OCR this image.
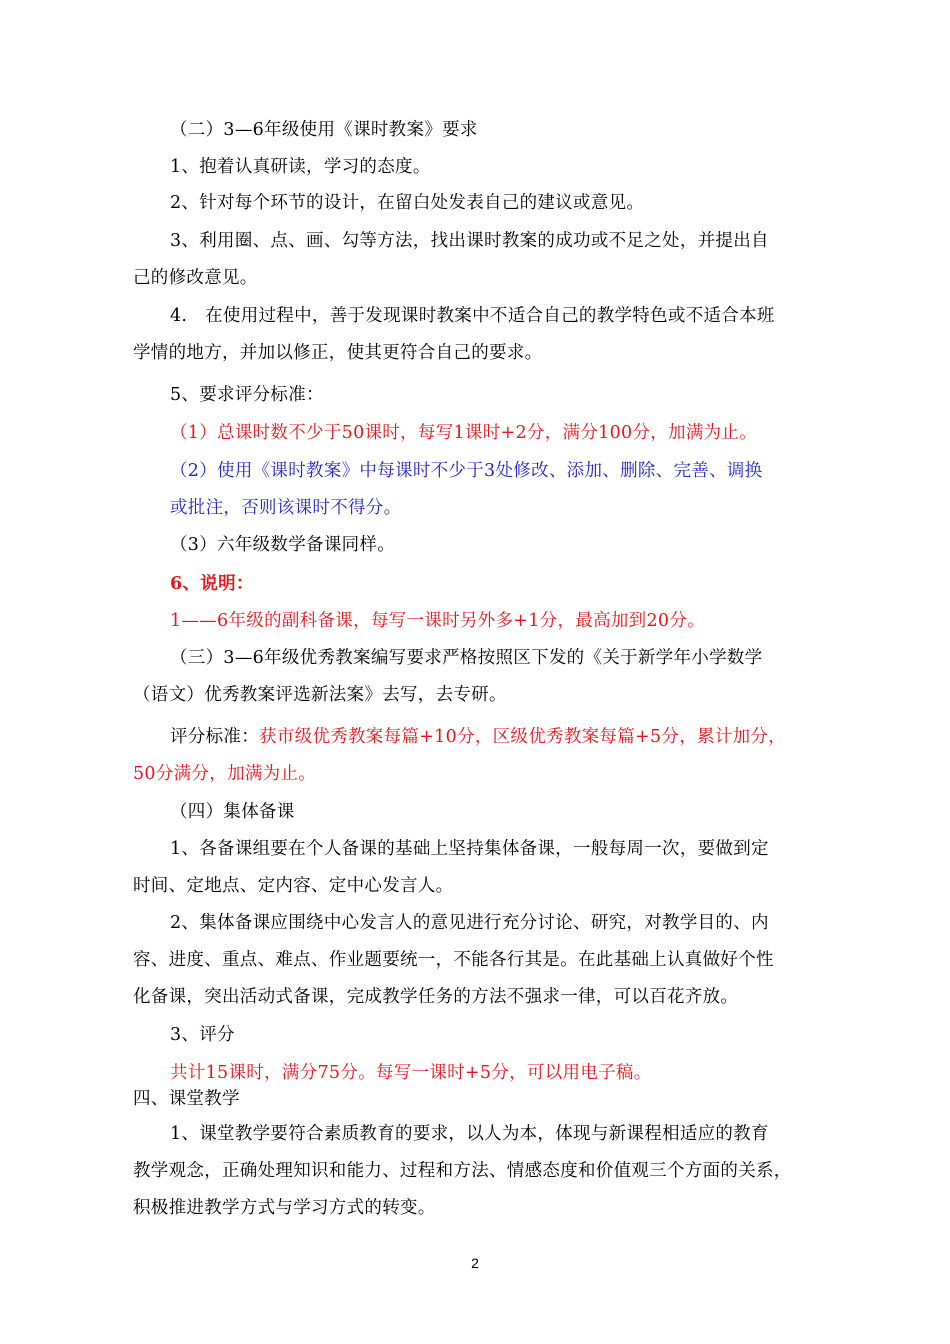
（二）3—6年级使用《课时教案》要求
1、抱着认真研读，学习的态度。
2、针对每个环节的设计，在留白处发表自己的建议或意见。
3、利用圈、点、画、勾等方法，找出课时教案的成功或不足之处，并提出自
己的修改意见。
4.　在使用过程中，善于发现课时教案中不适合自己的教学特色或不适合本班
学情的地方，并加以修正，使其更符合自己的要求。
5、要求评分标准：
（1）总课时数不少于50课时，每写1课时+2分，满分100分，加满为止。
（2）使用《课时教案》中每课时不少于3处修改、添加、删除、完善、调换
或批注，否则该课时不得分。
（3）六年级数学备课同样。
6、说明：
1——6年级的副科备课，每写一课时另外多+1分，最高加到20分。
（三）3—6年级优秀教案编写要求严格按照区下发的《关于新学年小学数学
（语文）优秀教案评选新法案》去写，去专研。
评分标准：获市级优秀教案每篇+10分，区级优秀教案每篇+5分，累计加分，
50分满分，加满为止。
（四）集体备课
1、各备课组要在个人备课的基础上坚持集体备课，一般每周一次，要做到定
时间、定地点、定内容、定中心发言人。
2、集体备课应围绕中心发言人的意见进行充分讨论、研究，对教学目的、内
容、进度、重点、难点、作业题要统一，不能各行其是。在此基础上认真做好个性
化备课，突出活动式备课，完成教学任务的方法不强求一律，可以百花齐放。
3、评分
共计15课时，满分75分。每写一课时+5分，可以用电子稿。
四、课堂教学
1、课堂教学要符合素质教育的要求，以人为本，体现与新课程相适应的教育
教学观念，正确处理知识和能力、过程和方法、情感态度和价值观三个方面的关系，
积极推进教学方式与学习方式的转变。
2
